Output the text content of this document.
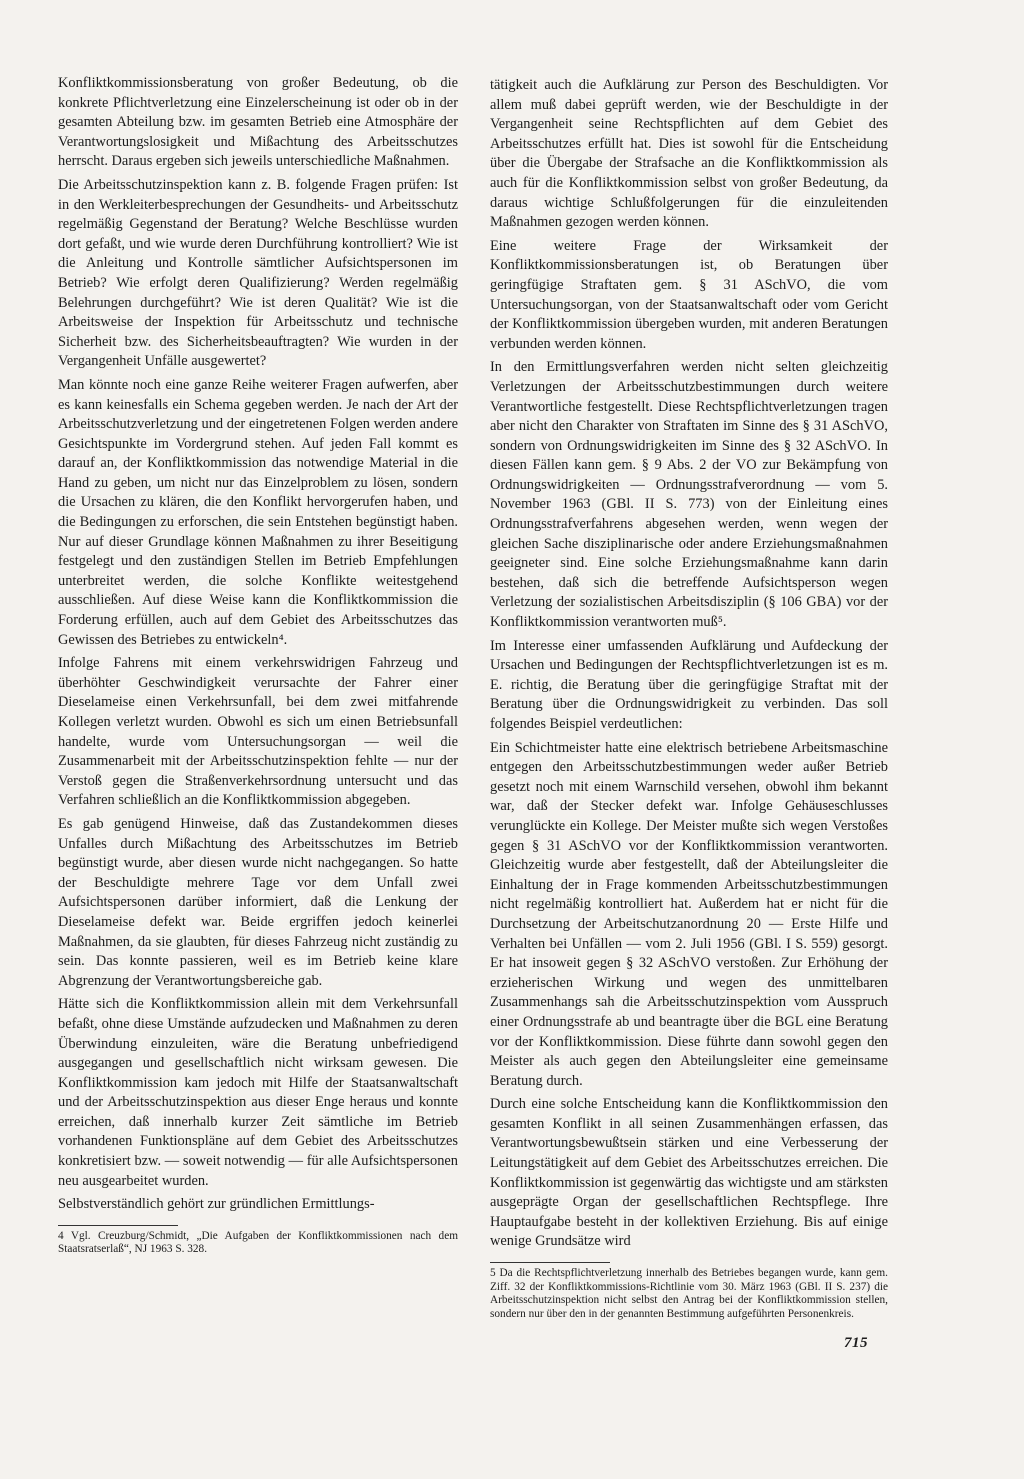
Konfliktkommissionsberatung von großer Bedeutung, ob die konkrete Pflichtverletzung eine Einzelerscheinung ist oder ob in der gesamten Abteilung bzw. im gesamten Betrieb eine Atmosphäre der Verantwortungslosigkeit und Mißachtung des Arbeitsschutzes herrscht. Daraus ergeben sich jeweils unterschiedliche Maßnahmen.

Die Arbeitsschutzinspektion kann z. B. folgende Fragen prüfen: Ist in den Werkleiterbesprechungen der Gesundheits- und Arbeitsschutz regelmäßig Gegenstand der Beratung? Welche Beschlüsse wurden dort gefaßt, und wie wurde deren Durchführung kontrolliert? Wie ist die Anleitung und Kontrolle sämtlicher Aufsichtspersonen im Betrieb? Wie erfolgt deren Qualifizierung? Werden regelmäßig Belehrungen durchgeführt? Wie ist deren Qualität? Wie ist die Arbeitsweise der Inspektion für Arbeitsschutz und technische Sicherheit bzw. des Sicherheitsbeauftragten? Wie wurden in der Vergangenheit Unfälle ausgewertet?

Man könnte noch eine ganze Reihe weiterer Fragen aufwerfen, aber es kann keinesfalls ein Schema gegeben werden. Je nach der Art der Arbeitsschutzverletzung und der eingetretenen Folgen werden andere Gesichtspunkte im Vordergrund stehen. Auf jeden Fall kommt es darauf an, der Konfliktkommission das notwendige Material in die Hand zu geben, um nicht nur das Einzelproblem zu lösen, sondern die Ursachen zu klären, die den Konflikt hervorgerufen haben, und die Bedingungen zu erforschen, die sein Entstehen begünstigt haben. Nur auf dieser Grundlage können Maßnahmen zu ihrer Beseitigung festgelegt und den zuständigen Stellen im Betrieb Empfehlungen unterbreitet werden, die solche Konflikte weitestgehend ausschließen. Auf diese Weise kann die Konfliktkommission die Forderung erfüllen, auch auf dem Gebiet des Arbeitsschutzes das Gewissen des Betriebes zu entwickeln⁴.

Infolge Fahrens mit einem verkehrswidrigen Fahrzeug und überhöhter Geschwindigkeit verursachte der Fahrer einer Dieselameise einen Verkehrsunfall, bei dem zwei mitfahrende Kollegen verletzt wurden. Obwohl es sich um einen Betriebsunfall handelte, wurde vom Untersuchungsorgan — weil die Zusammenarbeit mit der Arbeitsschutzinspektion fehlte — nur der Verstoß gegen die Straßenverkehrsordnung untersucht und das Verfahren schließlich an die Konfliktkommission abgegeben.

Es gab genügend Hinweise, daß das Zustandekommen dieses Unfalles durch Mißachtung des Arbeitsschutzes im Betrieb begünstigt wurde, aber diesen wurde nicht nachgegangen. So hatte der Beschuldigte mehrere Tage vor dem Unfall zwei Aufsichtspersonen darüber informiert, daß die Lenkung der Dieselameise defekt war. Beide ergriffen jedoch keinerlei Maßnahmen, da sie glaubten, für dieses Fahrzeug nicht zuständig zu sein. Das konnte passieren, weil es im Betrieb keine klare Abgrenzung der Verantwortungsbereiche gab.

Hätte sich die Konfliktkommission allein mit dem Verkehrsunfall befaßt, ohne diese Umstände aufzudecken und Maßnahmen zu deren Überwindung einzuleiten, wäre die Beratung unbefriedigend ausgegangen und gesellschaftlich nicht wirksam gewesen. Die Konfliktkommission kam jedoch mit Hilfe der Staatsanwaltschaft und der Arbeitsschutzinspektion aus dieser Enge heraus und konnte erreichen, daß innerhalb kurzer Zeit sämtliche im Betrieb vorhandenen Funktionspläne auf dem Gebiet des Arbeitsschutzes konkretisiert bzw. — soweit notwendig — für alle Aufsichtspersonen neu ausgearbeitet wurden.

Selbstverständlich gehört zur gründlichen Ermittlungs-

4 Vgl. Creuzburg/Schmidt, „Die Aufgaben der Konfliktkommissionen nach dem Staatsratserlaß“, NJ 1963 S. 328.

tätigkeit auch die Aufklärung zur Person des Beschuldigten. Vor allem muß dabei geprüft werden, wie der Beschuldigte in der Vergangenheit seine Rechtspflichten auf dem Gebiet des Arbeitsschutzes erfüllt hat. Dies ist sowohl für die Entscheidung über die Übergabe der Strafsache an die Konfliktkommission als auch für die Konfliktkommission selbst von großer Bedeutung, da daraus wichtige Schlußfolgerungen für die einzuleitenden Maßnahmen gezogen werden können.

Eine weitere Frage der Wirksamkeit der Konfliktkommissionsberatungen ist, ob Beratungen über geringfügige Straftaten gem. § 31 ASchVO, die vom Untersuchungsorgan, von der Staatsanwaltschaft oder vom Gericht der Konfliktkommission übergeben wurden, mit anderen Beratungen verbunden werden können.

In den Ermittlungsverfahren werden nicht selten gleichzeitig Verletzungen der Arbeitsschutzbestimmungen durch weitere Verantwortliche festgestellt. Diese Rechtspflichtverletzungen tragen aber nicht den Charakter von Straftaten im Sinne des § 31 ASchVO, sondern von Ordnungswidrigkeiten im Sinne des § 32 ASchVO. In diesen Fällen kann gem. § 9 Abs. 2 der VO zur Bekämpfung von Ordnungswidrigkeiten — Ordnungsstrafverordnung — vom 5. November 1963 (GBl. II S. 773) von der Einleitung eines Ordnungsstrafverfahrens abgesehen werden, wenn wegen der gleichen Sache disziplinarische oder andere Erziehungsmaßnahmen geeigneter sind. Eine solche Erziehungsmaßnahme kann darin bestehen, daß sich die betreffende Aufsichtsperson wegen Verletzung der sozialistischen Arbeitsdisziplin (§ 106 GBA) vor der Konfliktkommission verantworten muß⁵.

Im Interesse einer umfassenden Aufklärung und Aufdeckung der Ursachen und Bedingungen der Rechtspflichtverletzungen ist es m. E. richtig, die Beratung über die geringfügige Straftat mit der Beratung über die Ordnungswidrigkeit zu verbinden. Das soll folgendes Beispiel verdeutlichen:

Ein Schichtmeister hatte eine elektrisch betriebene Arbeitsmaschine entgegen den Arbeitsschutzbestimmungen weder außer Betrieb gesetzt noch mit einem Warnschild versehen, obwohl ihm bekannt war, daß der Stecker defekt war. Infolge Gehäuseschlusses verunglückte ein Kollege. Der Meister mußte sich wegen Verstoßes gegen § 31 ASchVO vor der Konfliktkommission verantworten. Gleichzeitig wurde aber festgestellt, daß der Abteilungsleiter die Einhaltung der in Frage kommenden Arbeitsschutzbestimmungen nicht regelmäßig kontrolliert hat. Außerdem hat er nicht für die Durchsetzung der Arbeitschutzanordnung 20 — Erste Hilfe und Verhalten bei Unfällen — vom 2. Juli 1956 (GBl. I S. 559) gesorgt. Er hat insoweit gegen § 32 ASchVO verstoßen. Zur Erhöhung der erzieherischen Wirkung und wegen des unmittelbaren Zusammenhangs sah die Arbeitsschutzinspektion vom Ausspruch einer Ordnungsstrafe ab und beantragte über die BGL eine Beratung vor der Konfliktkommission. Diese führte dann sowohl gegen den Meister als auch gegen den Abteilungsleiter eine gemeinsame Beratung durch.

Durch eine solche Entscheidung kann die Konfliktkommission den gesamten Konflikt in all seinen Zusammenhängen erfassen, das Verantwortungsbewußtsein stärken und eine Verbesserung der Leitungstätigkeit auf dem Gebiet des Arbeitsschutzes erreichen. Die Konfliktkommission ist gegenwärtig das wichtigste und am stärksten ausgeprägte Organ der gesellschaftlichen Rechtspflege. Ihre Hauptaufgabe besteht in der kollektiven Erziehung. Bis auf einige wenige Grundsätze wird

5 Da die Rechtspflichtverletzung innerhalb des Betriebes begangen wurde, kann gem. Ziff. 32 der Konfliktkommissions-Richtlinie vom 30. März 1963 (GBl. II S. 237) die Arbeitsschutzinspektion nicht selbst den Antrag bei der Konfliktkommission stellen, sondern nur über den in der genannten Bestimmung aufgeführten Personenkreis.

715
